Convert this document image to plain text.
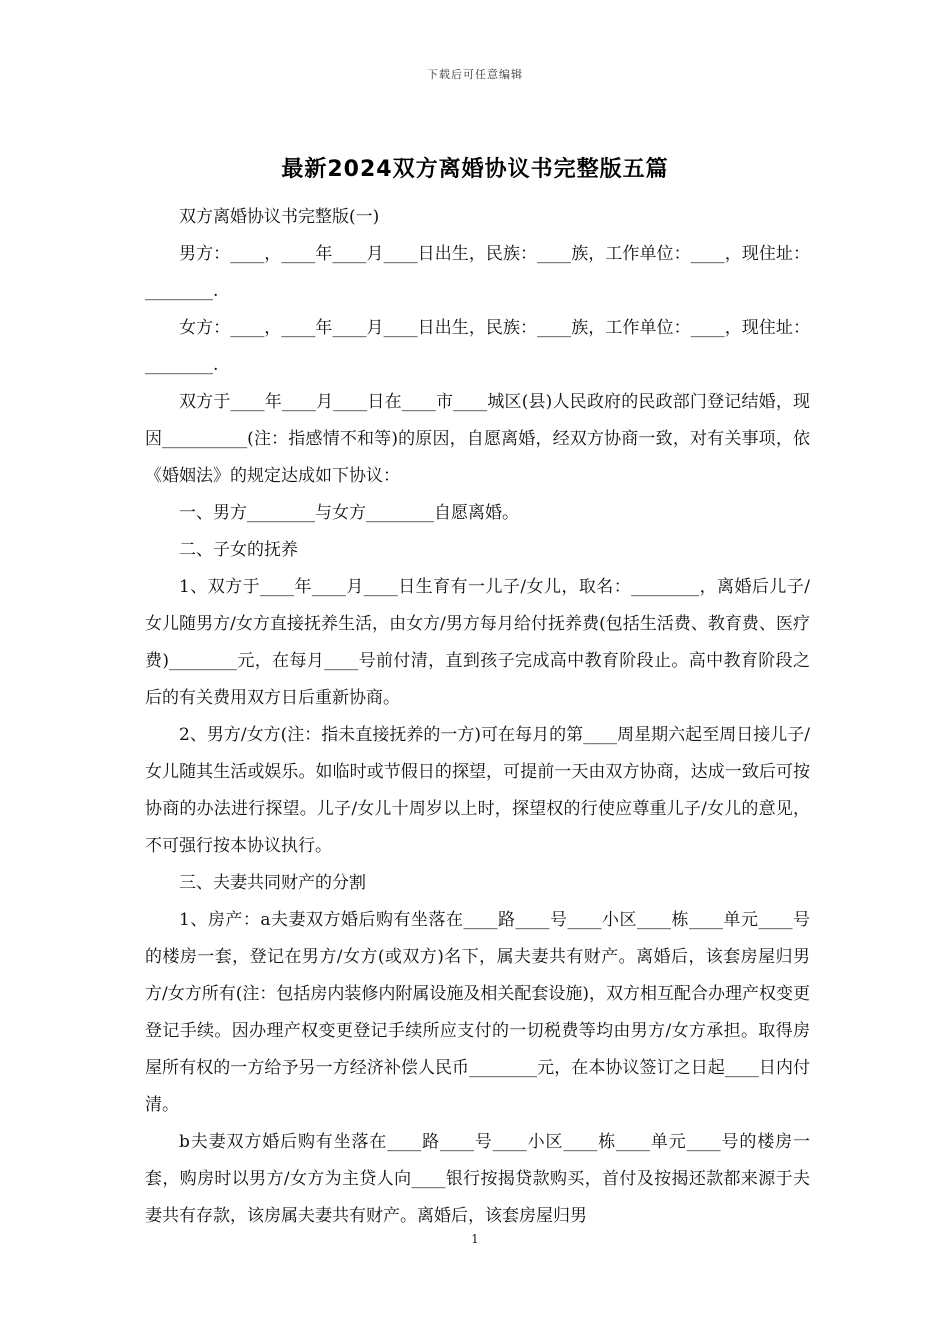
下载后可任意编辑
最新2024双方离婚协议书完整版五篇

双方离婚协议书完整版(一)

男方：____，____年____月____日出生，民族：____族，工作单位：____，现住址：________.

女方：____，____年____月____日出生，民族：____族，工作单位：____，现住址：________.

双方于____年____月____日在____市____城区(县)人民政府的民政部门登记结婚，现因__________(注：指感情不和等)的原因，自愿离婚，经双方协商一致，对有关事项，依《婚姻法》的规定达成如下协议：

一、男方________与女方________自愿离婚。

二、子女的抚养

1、双方于____年____月____日生育有一儿子/女儿，取名：________，离婚后儿子/女儿随男方/女方直接抚养生活，由女方/男方每月给付抚养费(包括生活费、教育费、医疗费)________元，在每月____号前付清，直到孩子完成高中教育阶段止。高中教育阶段之后的有关费用双方日后重新协商。

2、男方/女方(注：指未直接抚养的一方)可在每月的第____周星期六起至周日接儿子/女儿随其生活或娱乐。如临时或节假日的探望，可提前一天由双方协商，达成一致后可按协商的办法进行探望。儿子/女儿十周岁以上时，探望权的行使应尊重儿子/女儿的意见，不可强行按本协议执行。

三、夫妻共同财产的分割

1、房产：a夫妻双方婚后购有坐落在____路____号____小区____栋____单元____号的楼房一套，登记在男方/女方(或双方)名下，属夫妻共有财产。离婚后，该套房屋归男方/女方所有(注：包括房内装修内附属设施及相关配套设施)，双方相互配合办理产权变更登记手续。因办理产权变更登记手续所应支付的一切税费等均由男方/女方承担。取得房屋所有权的一方给予另一方经济补偿人民币________元，在本协议签订之日起____日内付清。

b夫妻双方婚后购有坐落在____路____号____小区____栋____单元____号的楼房一套，购房时以男方/女方为主贷人向____银行按揭贷款购买，首付及按揭还款都来源于夫妻共有存款，该房属夫妻共有财产。离婚后，该套房屋归男

1
